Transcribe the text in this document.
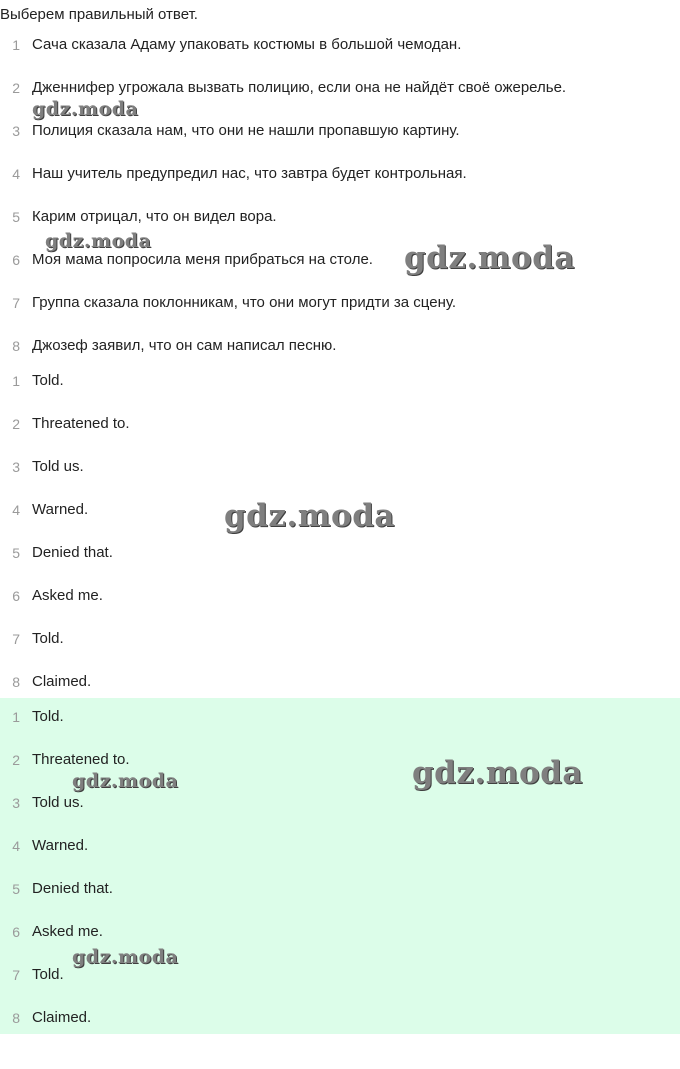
Выберем правильный ответ.
1 Сача сказала Адаму упаковать костюмы в большой чемодан.
2 Дженнифер угрожала вызвать полицию, если она не найдёт своё ожерелье.
3 Полиция сказала нам, что они не нашли пропавшую картину.
4 Наш учитель предупредил нас, что завтра будет контрольная.
5 Карим отрицал, что он видел вора.
6 Моя мама попросила меня прибраться на столе.
7 Группа сказала поклонникам, что они могут придти за сцену.
8 Джозеф заявил, что он сам написал песню.
1 Told.
2 Threatened to.
3 Told us.
4 Warned.
5 Denied that.
6 Asked me.
7 Told.
8 Claimed.
1 Told.
2 Threatened to.
3 Told us.
4 Warned.
5 Denied that.
6 Asked me.
7 Told.
8 Claimed.
gdz.moda
gdz.moda	gdz.moda
gdz.moda
gdz.moda	gdz.moda
gdz.moda
